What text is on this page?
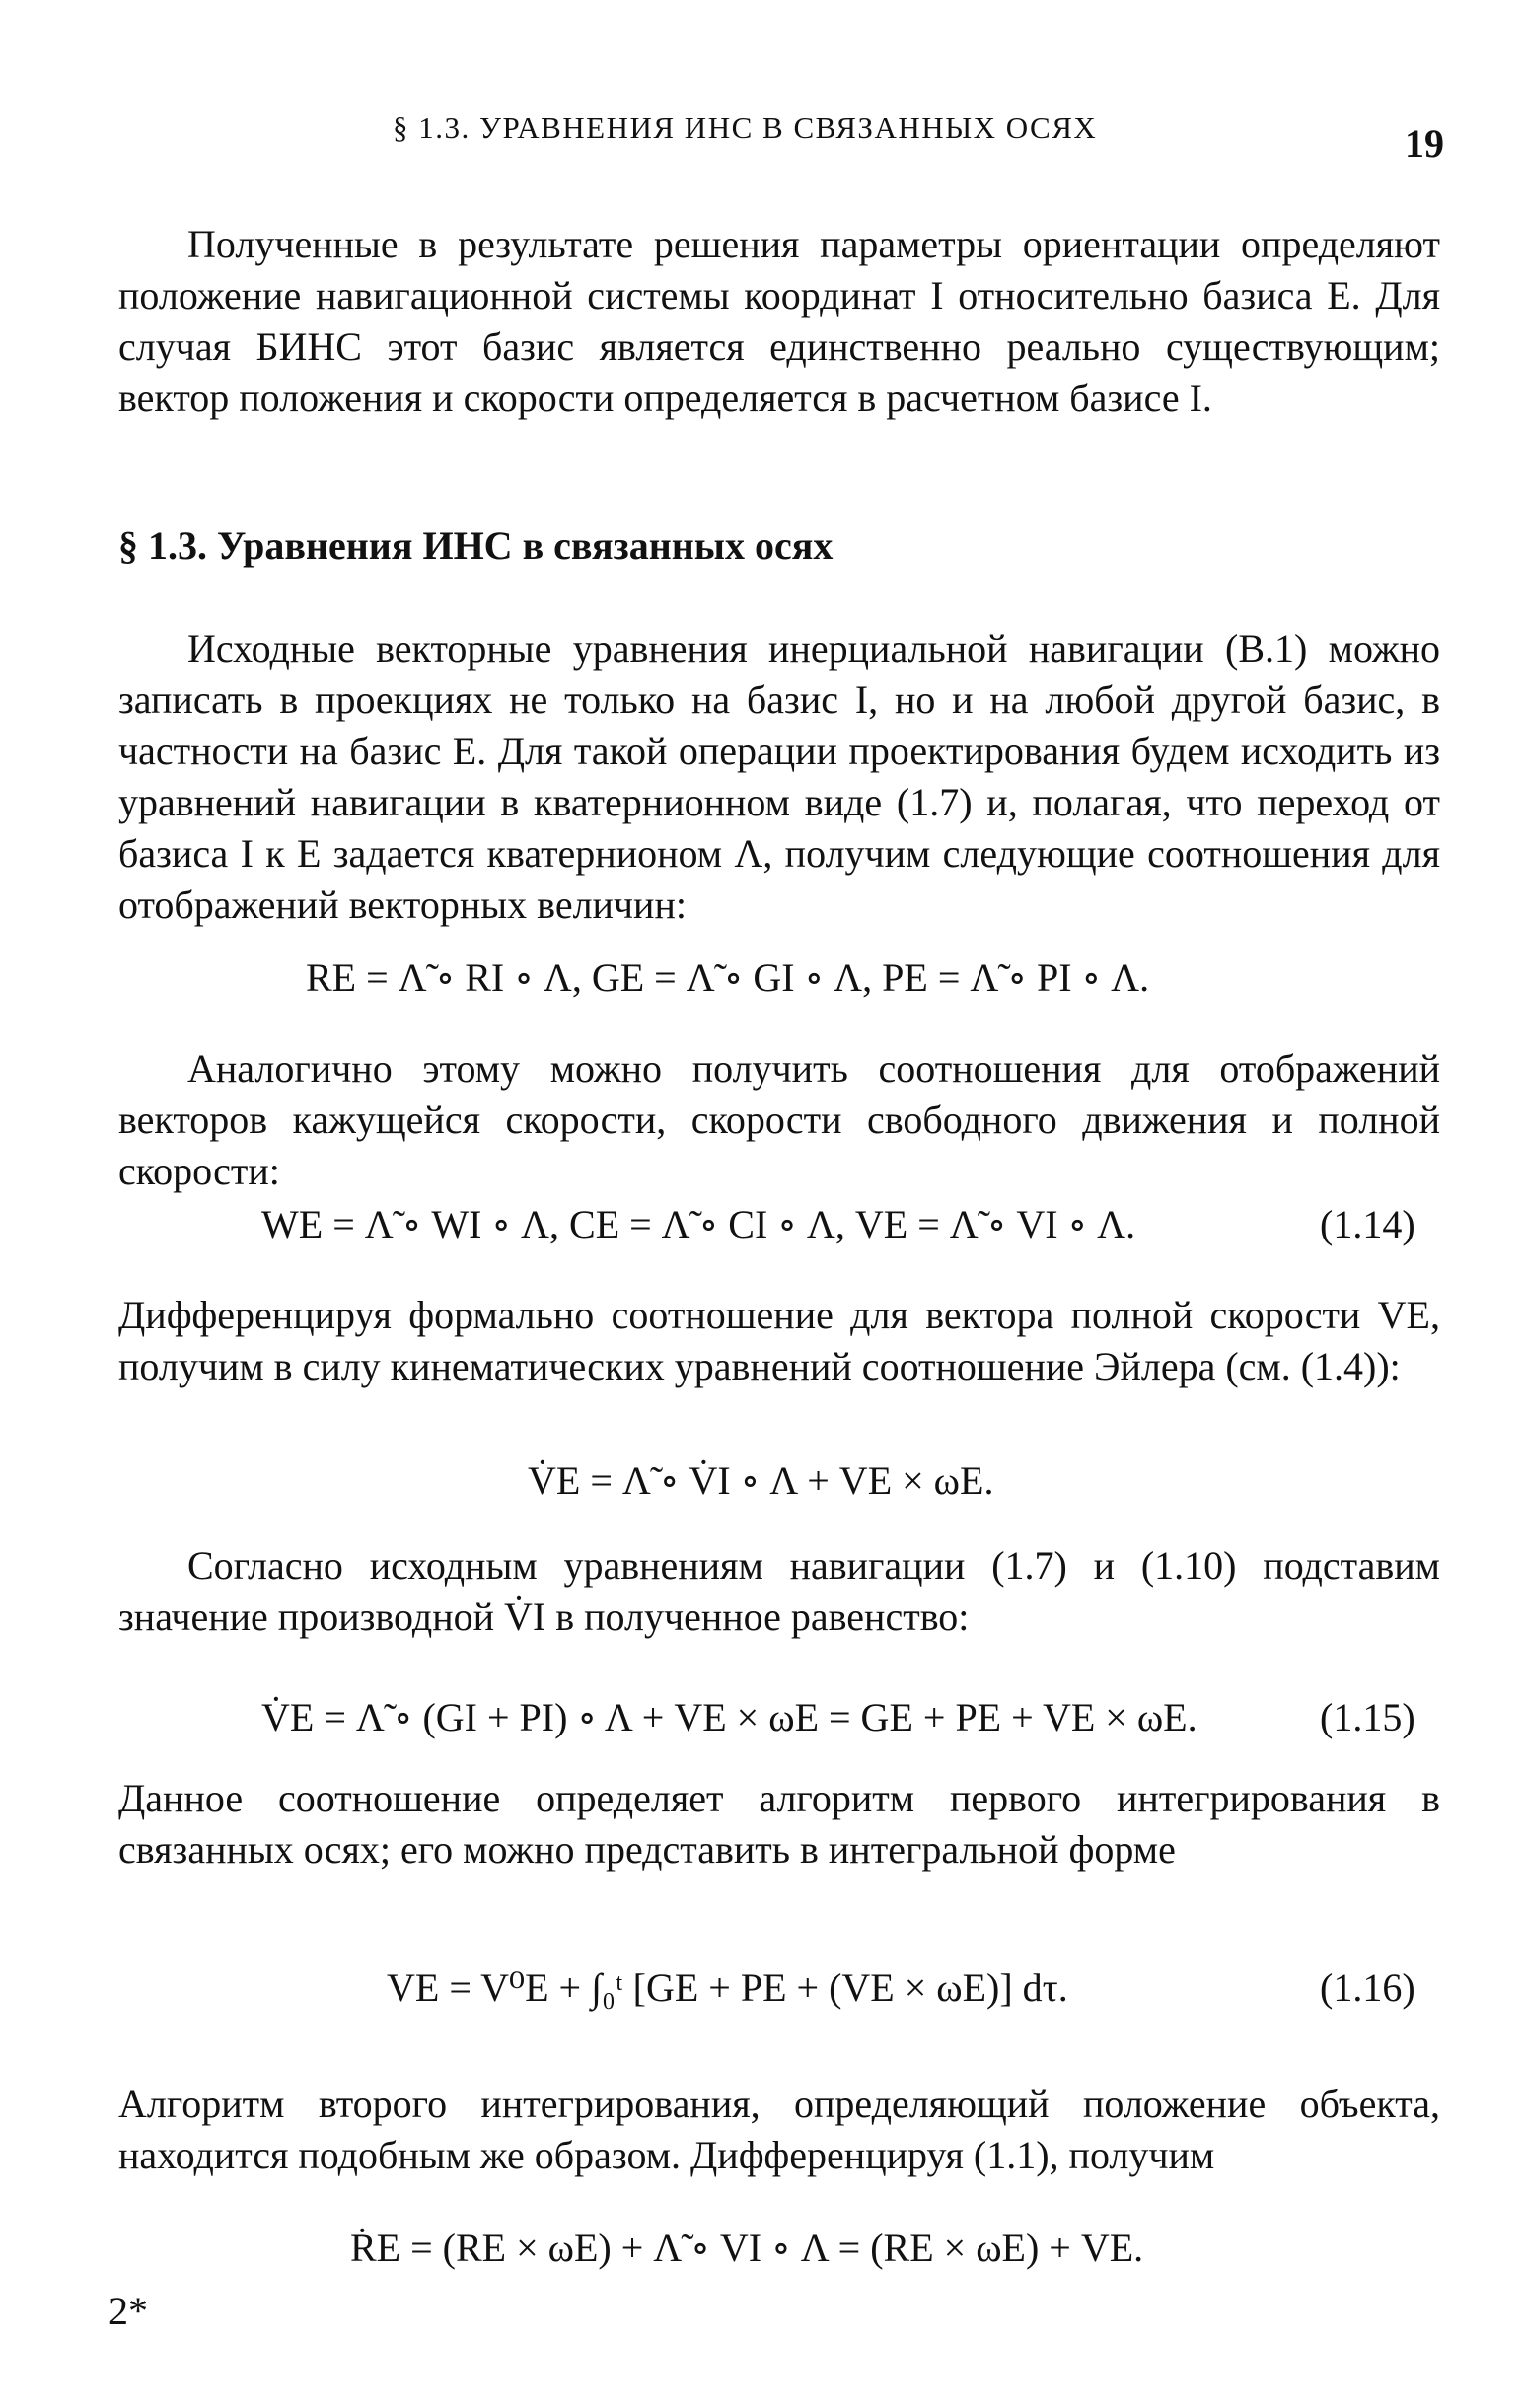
§ 1.3. УРАВНЕНИЯ ИНС В СВЯЗАННЫХ ОСЯХ	19

Полученные в результате решения параметры ориентации определяют положение навигационной системы координат I относительно базиса E. Для случая БИНС этот базис является единственно реально существующим; вектор положения и скорости определяется в расчетном базисе I.

§ 1.3. Уравнения ИНС в связанных осях

Исходные векторные уравнения инерциальной навигации (В.1) можно записать в проекциях не только на базис I, но и на любой другой базис, в частности на базис E. Для такой операции проектирования будем исходить из уравнений навигации в кватернионном виде (1.7) и, полагая, что переход от базиса I к E задается кватернионом Λ, получим следующие соотношения для отображений векторных величин:

RE = Λ̃ ∘ RI ∘ Λ, GE = Λ̃ ∘ GI ∘ Λ, PE = Λ̃ ∘ PI ∘ Λ.

Аналогично этому можно получить соотношения для отображений векторов кажущейся скорости, скорости свободного движения и полной скорости:

WE = Λ̃ ∘ WI ∘ Λ, CE = Λ̃ ∘ CI ∘ Λ, VE = Λ̃ ∘ VI ∘ Λ.	(1.14)

Дифференцируя формально соотношение для вектора полной скорости VE, получим в силу кинематических уравнений соотношение Эйлера (см. (1.4)):

V̇E = Λ̃ ∘ V̇I ∘ Λ + VE × ωE.

Согласно исходным уравнениям навигации (1.7) и (1.10) подставим значение производной V̇I в полученное равенство:

V̇E = Λ̃ ∘ (GI + PI) ∘ Λ + VE × ωE = GE + PE + VE × ωE.	(1.15)

Данное соотношение определяет алгоритм первого интегрирования в связанных осях; его можно представить в интегральной форме

VE = V⁰E + ∫₀ᵗ [GE + PE + (VE × ωE)] dτ.	(1.16)

Алгоритм второго интегрирования, определяющий положение объекта, находится подобным же образом. Дифференцируя (1.1), получим

ṘE = (RE × ωE) + Λ̃ ∘ VI ∘ Λ = (RE × ωE) + VE.
2*
